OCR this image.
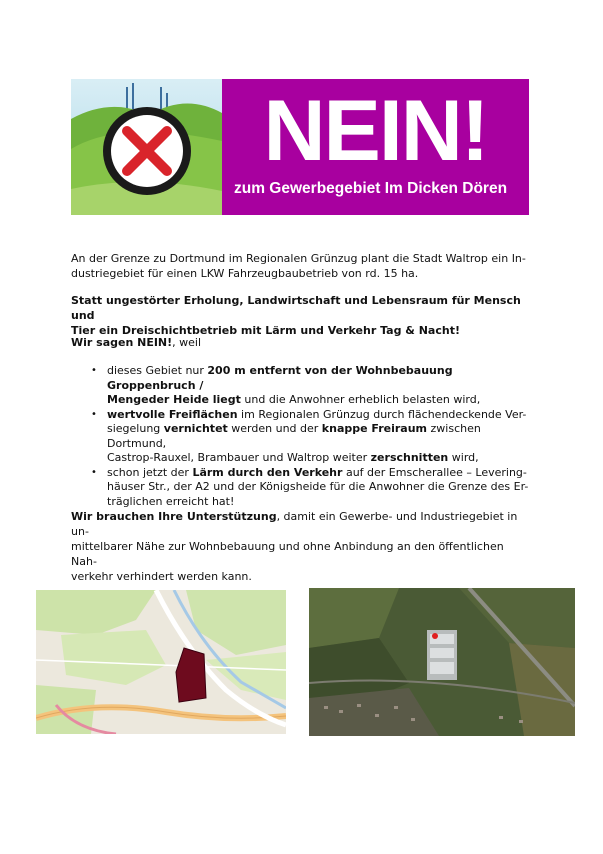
NEIN!
zum Gewerbegebiet Im Dicken Dören

An der Grenze zu Dortmund im Regionalen Grünzug plant die Stadt Waltrop ein In-
dustriegebiet für einen LKW Fahrzeugbaubetrieb von rd. 15 ha.

Statt ungestörter Erholung, Landwirtschaft und Lebensraum für Mensch und
Tier ein Dreischichtbetrieb mit Lärm und Verkehr Tag & Nacht!

Wir sagen NEIN!, weil

• dieses Gebiet nur 200 m entfernt von der Wohnbebauung Groppenbruch /
Mengeder Heide liegt und die Anwohner erheblich belasten wird,
• wertvolle Freiflächen im Regionalen Grünzug durch flächendeckende Ver-
siegelung vernichtet werden und der knappe Freiraum zwischen Dortmund,
Castrop-Rauxel, Brambauer und Waltrop weiter zerschnitten wird,
• schon jetzt der Lärm durch den Verkehr auf der Emscherallee – Levering-
häuser Str., der A2 und der Königsheide für die Anwohner die Grenze des Er-
träglichen erreicht hat!

Wir brauchen Ihre Unterstützung, damit ein Gewerbe- und Industriegebiet in un-
mittelbarer Nähe zur Wohnbebauung und ohne Anbindung an den öffentlichen Nah-
verkehr verhindert werden kann.
